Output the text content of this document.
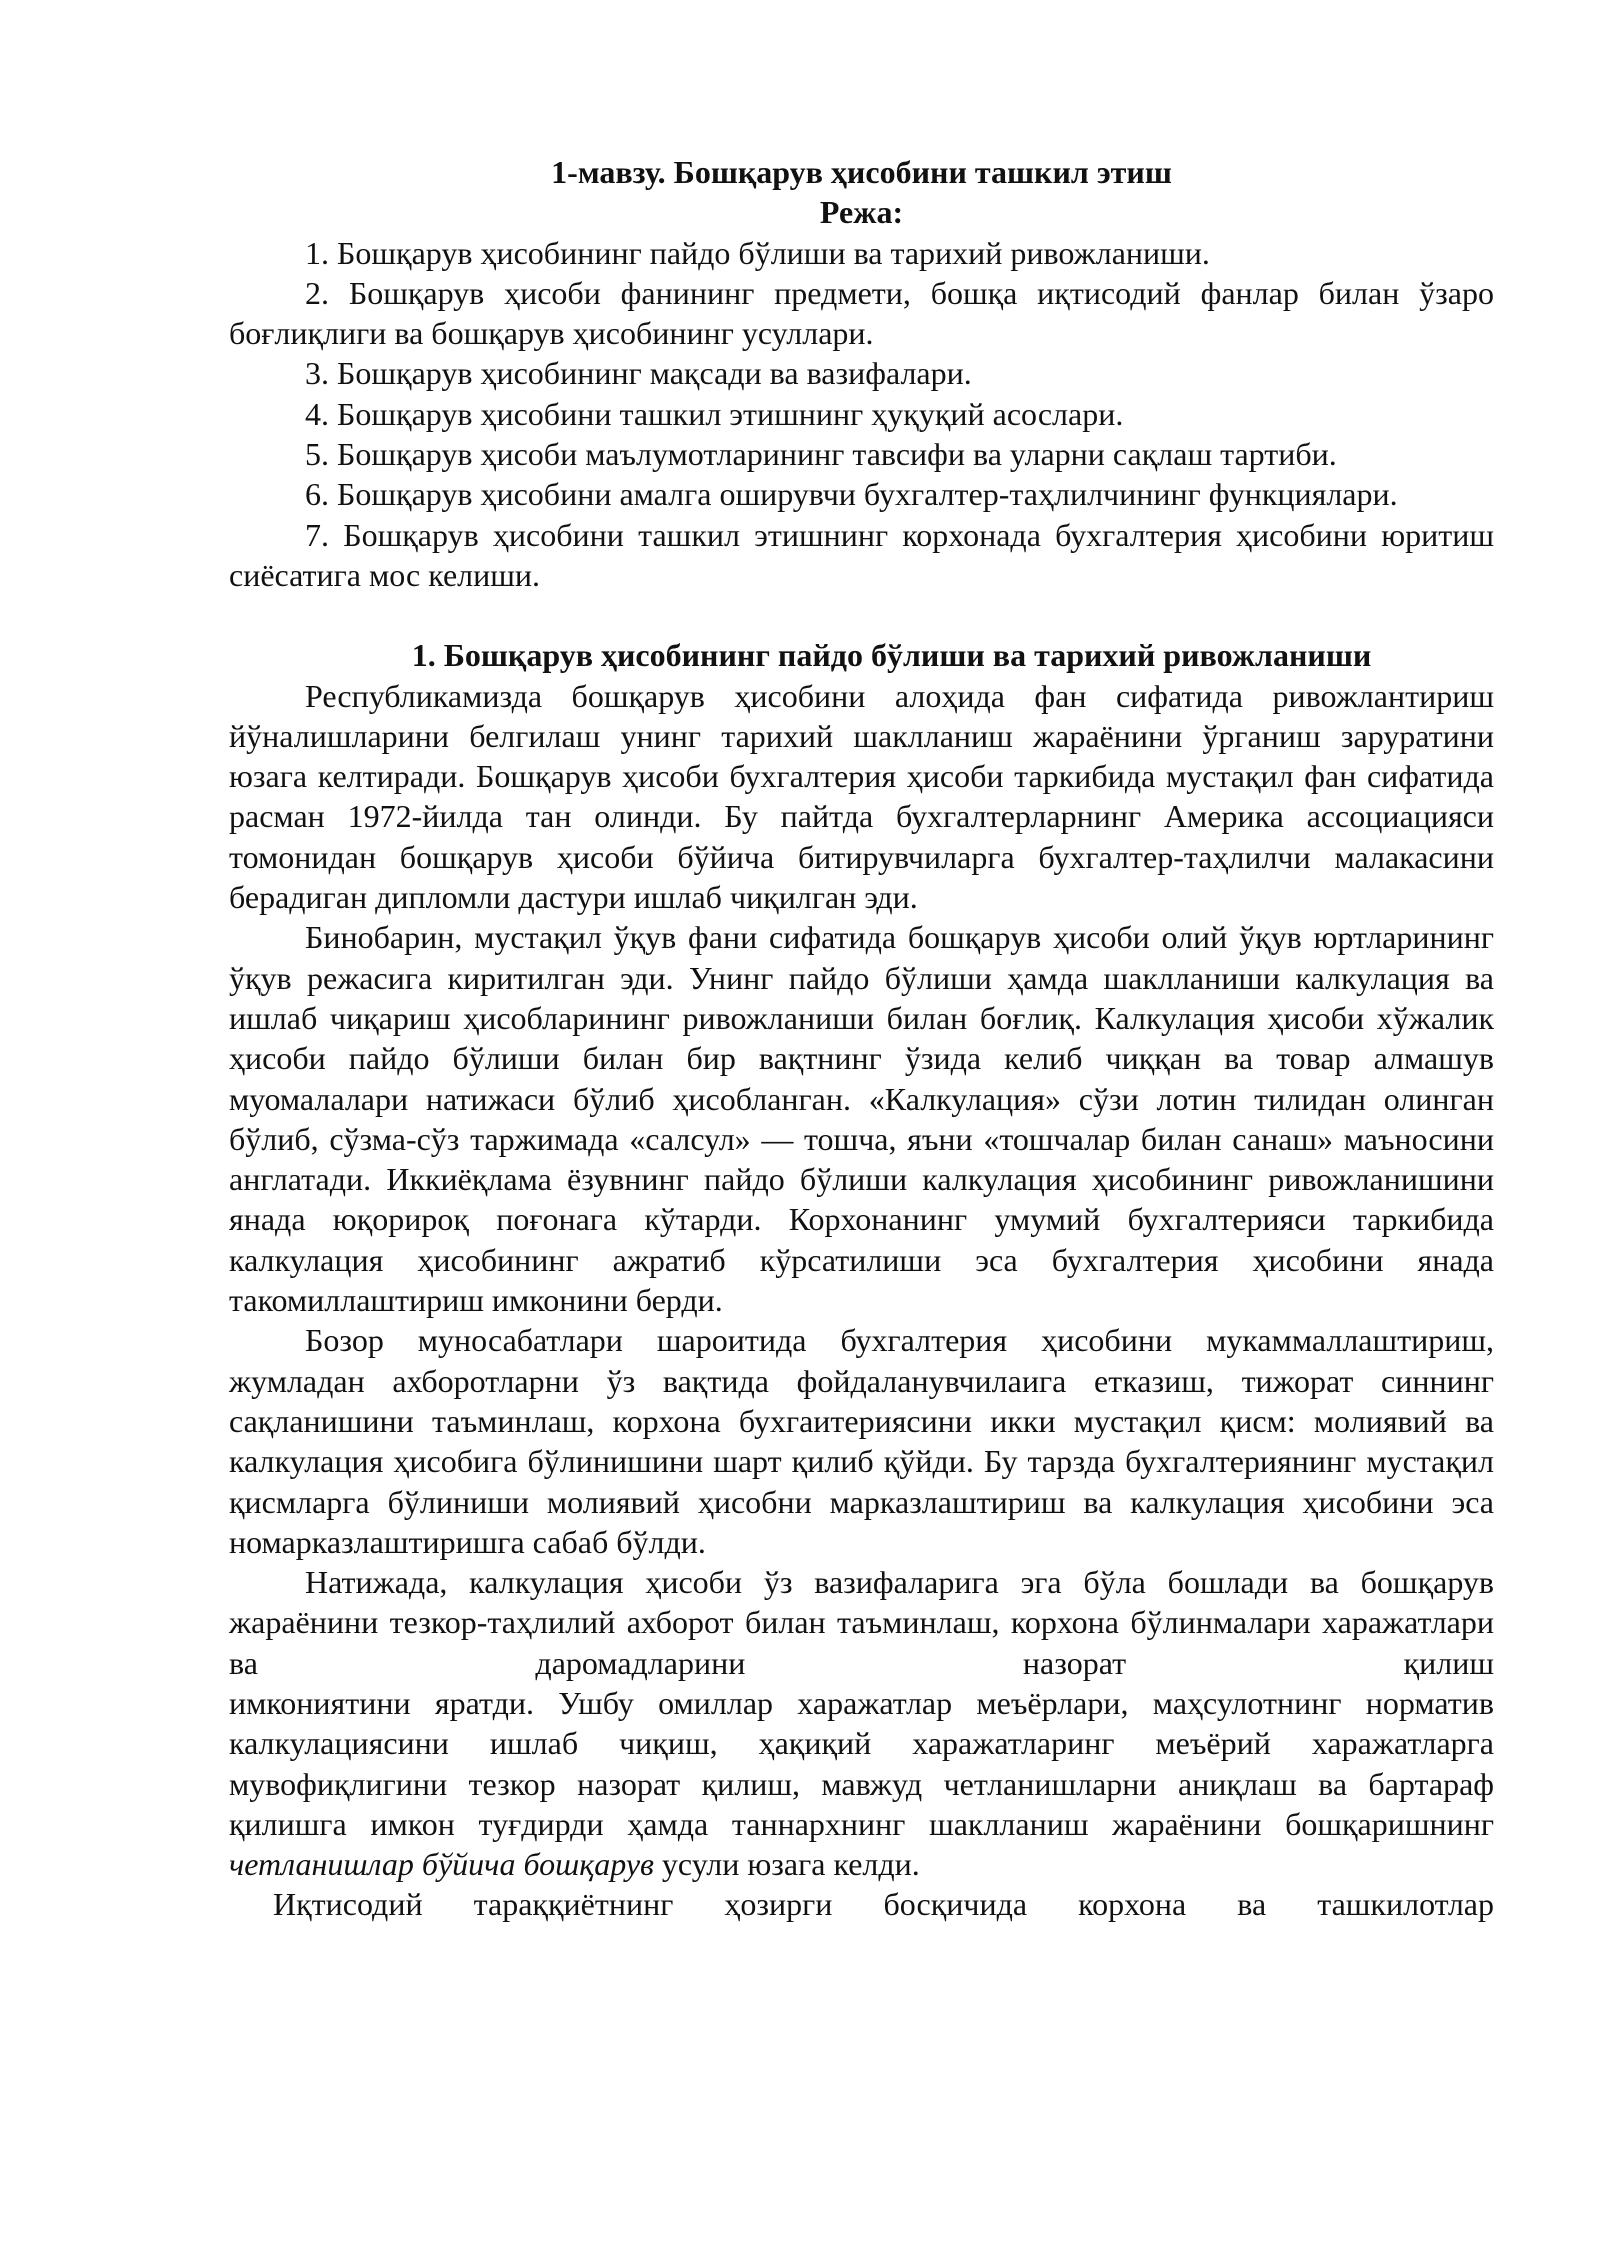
1-мавзу. Бошқарув ҳисобини ташкил этиш

Режа:

1. Бошқарув ҳисобининг пайдо бўлиши ва тарихий ривожланиши.

2. Бошқарув ҳисоби фанининг предмети, бошқа иқтисодий фанлар билан ўзаро боғлиқлиги ва бошқарув ҳисобининг усуллари.

3. Бошқарув ҳисобининг мақсади ва вазифалари.

4. Бошқарув ҳисобини ташкил этишнинг ҳуқуқий асослари.

5. Бошқарув ҳисоби маълумотларининг тавсифи ва уларни сақлаш тартиби.

6. Бошқарув ҳисобини амалга оширувчи бухгалтер-таҳлилчининг функциялари.

7. Бошқарув ҳисобини ташкил этишнинг корхонада бухгалтерия ҳисобини юритиш сиёсатига мос келиши.

1. Бошқарув ҳисобининг пайдо бўлиши ва тарихий ривожланиши

Республикамизда бошқарув ҳисобини алоҳида фан сифатида ривожлантириш йўналишларини белгилаш унинг тарихий шаклланиш жараёнини ўрганиш заруратини юзага келтиради. Бошқарув ҳисоби бухгалтерия ҳисоби таркибида мустақил фан сифатида расман 1972-йилда тан олинди. Бу пайтда бухгалтерларнинг Америка ассоциацияси томонидан бошқарув ҳисоби бўйича битирувчиларга бухгалтер-таҳлилчи малакасини берадиган дипломли дастури ишлаб чиқилган эди.

Бинобарин, мустақил ўқув фани сифатида бошқарув ҳисоби олий ўқув юртларининг ўқув режасига киритилган эди. Унинг пайдо бўлиши ҳамда шаклланиши калкулация ва ишлаб чиқариш ҳисобларининг ривожланиши билан боғлиқ. Калкулация ҳисоби хўжалик ҳисоби пайдо бўлиши билан бир вақтнинг ўзида келиб чиққан ва товар алмашув муомалалари натижаси бўлиб ҳисобланган. «Калкулация» сўзи лотин тилидан олинган бўлиб, сўзма-сўз таржимада «салсул» — тошча, яъни «тошчалар билан санаш» маъносини англатади. Иккиёқлама ёзувнинг пайдо бўлиши калкулация ҳисобининг ривожланишини янада юқорироқ поғонага кўтарди. Корхонанинг умумий бухгалтерияси таркибида калкулация ҳисобининг ажратиб кўрсатилиши эса бухгалтерия ҳисобини янада такомиллаштириш имконини берди.

Бозор муносабатлари шароитида бухгалтерия ҳисобини мукаммаллаштириш, жумладан ахборотларни ўз вақтида фойдаланувчилаига етказиш, тижорат синнинг сақланишини таъминлаш, корхона бухгаитериясини икки мустақил қисм: молиявий ва калкулация ҳисобига бўлинишини шарт қилиб қўйди. Бу тарзда бухгалтериянинг мустақил

қисмларга бўлиниши молиявий ҳисобни марказлаштириш ва калкулация ҳисобини эса номарказлаштиришга сабаб бўлди.

Натижада, калкулация ҳисоби ўз вазифаларига эга бўла бошлади ва бошқарув жараёнини тезкор-таҳлилий ахборот билан таъминлаш, корхона бўлинмалари харажатлари ва даромадларини назорат қилиш

имкониятини яратди. Ушбу омиллар харажатлар меъёрлари, маҳсулотнинг норматив калкулациясини ишлаб чиқиш, ҳақиқий харажатларинг меъёрий харажатларга мувофиқлигини тезкор назорат қилиш, мавжуд четланишларни аниқлаш ва бартараф қилишга имкон туғдирди ҳамда таннархнинг шаклланиш жараёнини бошқаришнинг четланишлар бўйича бошқарув усули юзага келди.

Иқтисодий тараққиётнинг ҳозирги босқичида корхона ва ташкилотлар
